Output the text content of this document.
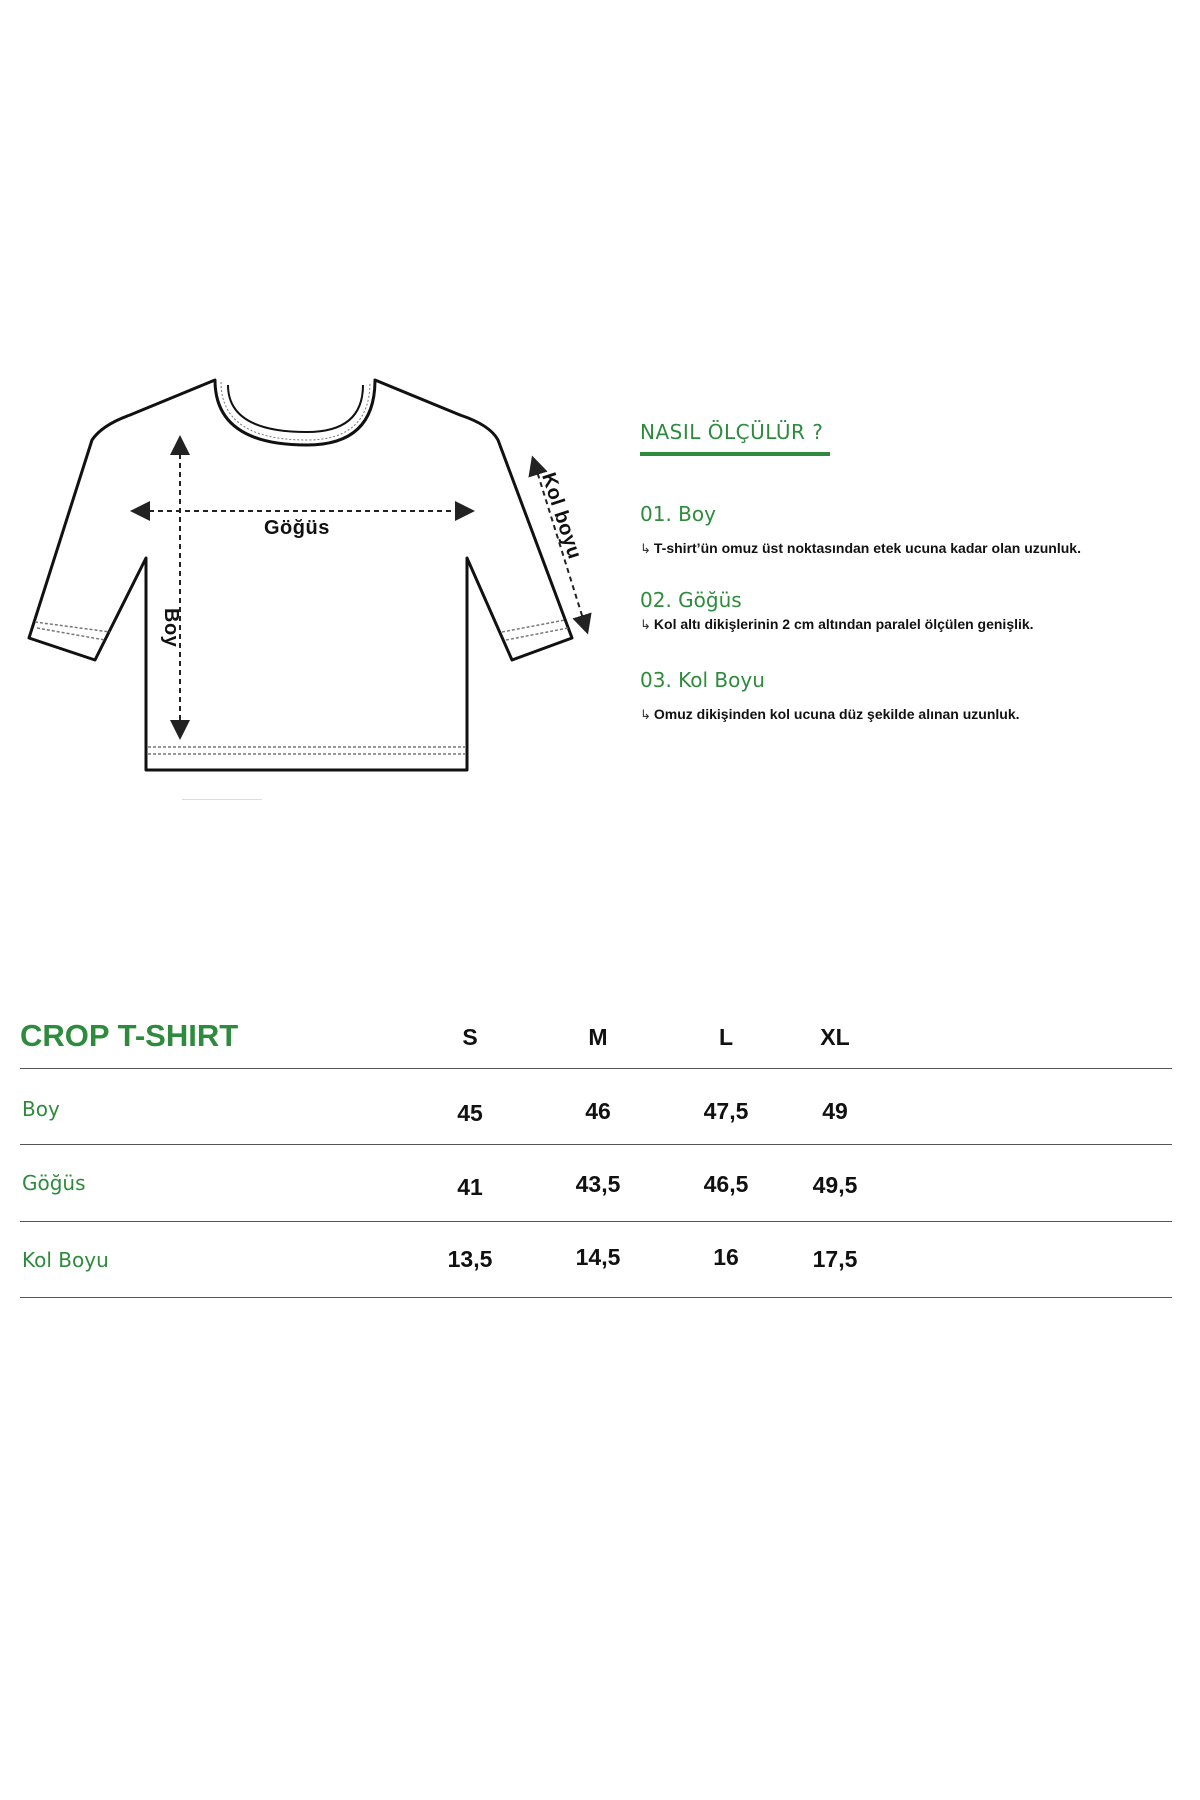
Göğüs
Boy
Kol boyu
NASIL ÖLÇÜLÜR ?
01. Boy
↳ T-shirt’ün omuz üst noktasından etek ucuna kadar olan uzunluk.
02. Göğüs
↳ Kol altı dikişlerinin 2 cm altından paralel ölçülen genişlik.
03. Kol Boyu
↳ Omuz dikişinden kol ucuna düz şekilde alınan uzunluk.
CROP T-SHIRT	S	M	L	XL
Boy	45	46	47,5	49
Göğüs	41	43,5	46,5	49,5
Kol Boyu	13,5	14,5	16	17,5
